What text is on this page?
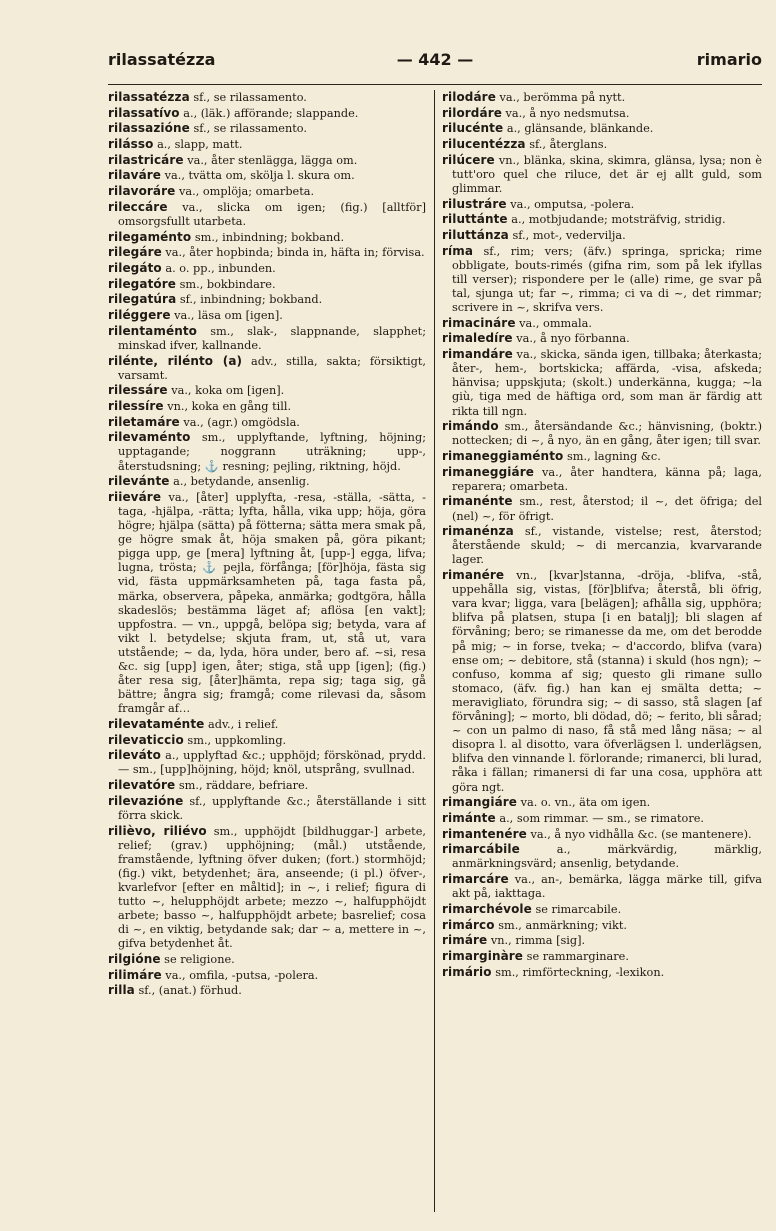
rilassatézza	— 442 —	rimario
rilassatézza sf., se rilassamento.
rilassatívo a., (läk.) afförande; slappande.
rilassazióne sf., se rilassamento.
rilásso a., slapp, matt.
rilastricáre va., åter stenlägga, lägga om.
rilaváre va., tvätta om, skölja l. skura om.
rilavoráre va., omplöja; omarbeta.
rileccáre va., slicka om igen; (fig.) [alltför] omsorgsfullt utarbeta.
rilegaménto sm., inbindning; bokband.
rilegáre va., åter hopbinda; binda in, häfta in; förvisa.
rilegáto a. o. pp., inbunden.
rilegatóre sm., bokbindare.
rilegatúra sf., inbindning; bokband.
riléggere va., läsa om [igen].
rilentaménto sm., slak-, slappnande, slapphet; minskad ifver, kallnande.
rilénte, rilénto (a) adv., stilla, sakta; försiktigt, varsamt.
rilessáre va., koka om [igen].
rilessíre vn., koka en gång till.
riletamáre va., (agr.) omgödsla.
rilevaménto sm., upplyftande, lyftning, höjning; upptagande; noggrann uträkning; upp-, återstudsning; ⚓ resning; pejling, riktning, höjd.
rilevánte a., betydande, ansenlig.
riieváre va., [åter] upplyfta, -resa, -ställa, -sätta, -taga, -hjälpa, -rätta; lyfta, hålla, vika upp; höja, göra högre; hjälpa (sätta) på fötterna; sätta mera smak på, ge högre smak åt, höja smaken på, göra pikant; pigga upp, ge [mera] lyftning åt, [upp-] egga, lifva; lugna, trösta; ⚓ pejla, förfånga; [för]höja, fästa sig vid, fästa uppmärksamheten på, taga fasta på, märka, observera, påpeka, anmärka; godtgöra, hålla skadeslös; bestämma läget af; aflösa [en vakt]; uppfostra. — vn., uppgå, belöpa sig; betyda, vara af vikt l. betydelse; skjuta fram, ut, stå ut, vara utstående; ~ da, lyda, höra under, bero af. ~si, resa &c. sig [upp] igen, åter; stiga, stå upp [igen]; (fig.) åter resa sig, [åter]hämta, repa sig; taga sig, gå bättre; ångra sig; framgå; come rilevasi da, såsom framgår af…
rilevataménte adv., i relief.
rilevaticcio sm., uppkomling.
rileváto a., upplyftad &c.; upphöjd; förskönad, prydd. — sm., [upp]höjning, höjd; knöl, utsprång, svullnad.
rilevatóre sm., räddare, befriare.
rilevazióne sf., upplyftande &c.; återställande i sitt förra skick.
rilièvo, riliévo sm., upphöjdt [bildhuggar-] arbete, relief; (grav.) upphöjning; (mål.) utstående, framstående, lyftning öfver duken; (fort.) stormhöjd; (fig.) vikt, betydenhet; ära, anseende; (i pl.) öfver-, kvarlefvor [efter en måltid]; in ~, i relief; figura di tutto ~, helupphöjdt arbete; mezzo ~, halfupphöjdt arbete; basso ~, halfupphöjdt arbete; basrelief; cosa di ~, en viktig, betydande sak; dar ~ a, mettere in ~, gifva betydenhet åt.
rilgióne se religione.
rilimáre va., omfila, -putsa, -polera.
rilla sf., (anat.) förhud.
rilodáre va., berömma på nytt.
rilordáre va., å nyo nedsmutsa.
rilucénte a., glänsande, blänkande.
rilucentézza sf., återglans.
rilúcere vn., blänka, skina, skimra, glänsa, lysa; non è tutt'oro quel che riluce, det är ej allt guld, som glimmar.
rilustráre va., omputsa, -polera.
riluttánte a., motbjudande; motsträfvig, stridig.
riluttánza sf., mot-, vedervilja.
ríma sf., rim; vers; (äfv.) springa, spricka; rime obbligate, bouts-rimés (gifna rim, som på lek ifyllas till verser); rispondere per le (alle) rime, ge svar på tal, sjunga ut; far ~, rimma; ci va di ~, det rimmar; scrivere in ~, skrifva vers.
rimacináre va., ommala.
rimaledíre va., å nyo förbanna.
rimandáre va., skicka, sända igen, tillbaka; återkasta; åter-, hem-, bortskicka; affärda, -visa, afskeda; hänvisa; uppskjuta; (skolt.) underkänna, kugga; ~la giù, tiga med de häftiga ord, som man är färdig att rikta till ngn.
rimándo sm., återsändande &c.; hänvisning, (boktr.) nottecken; di ~, å nyo, än en gång, åter igen; till svar.
rimaneggiaménto sm., lagning &c.
rimaneggiáre va., åter handtera, känna på; laga, reparera; omarbeta.
rimanénte sm., rest, återstod; il ~, det öfriga; del (nel) ~, för öfrigt.
rimanénza sf., vistande, vistelse; rest, återstod; återstående skuld; ~ di mercanzia, kvarvarande lager.
rimanére vn., [kvar]stanna, -dröja, -blifva, -stå, uppehålla sig, vistas, [för]blifva; återstå, bli öfrig, vara kvar; ligga, vara [belägen]; afhålla sig, upphöra; blifva på platsen, stupa [i en batalj]; bli slagen af förvåning; bero; se rimanesse da me, om det berodde på mig; ~ in forse, tveka; ~ d'accordo, blifva (vara) ense om; ~ debitore, stå (stanna) i skuld (hos ngn); ~ confuso, komma af sig; questo gli rimane sullo stomaco, (äfv. fig.) han kan ej smälta detta; ~ meravigliato, förundra sig; ~ di sasso, stå slagen [af förvåning]; ~ morto, bli dödad, dö; ~ ferito, bli sårad; ~ con un palmo di naso, få stå med lång näsa; ~ al disopra l. al disotto, vara öfverlägsen l. underlägsen, blifva den vinnande l. förlorande; rimanerci, bli lurad, råka i fällan; rimanersi di far una cosa, upphöra att göra ngt.
rimangiáre va. o. vn., äta om igen.
rimánte a., som rimmar. — sm., se rimatore.
rimantenére va., å nyo vidhålla &c. (se mantenere).
rimarcábile a., märkvärdig, märklig, anmärkningsvärd; ansenlig, betydande.
rimarcáre va., an-, bemärka, lägga märke till, gifva akt på, iakttaga.
rimarchévole se rimarcabile.
rimárco sm., anmärkning; vikt.
rimáre vn., rimma [sig].
rimarginàre se rammarginare.
rimário sm., rimförteckning, -lexikon.
